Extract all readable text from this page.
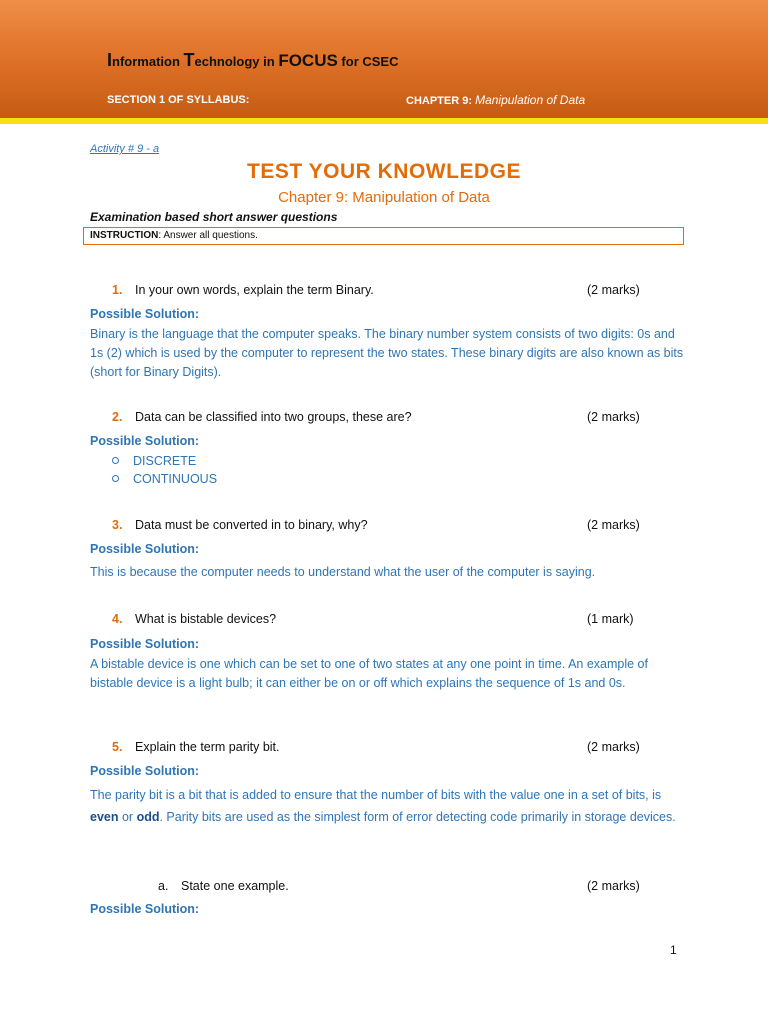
Information Technology in FOCUS for CSEC
SECTION 1 OF SYLLABUS:	CHAPTER 9: Manipulation of Data
Activity # 9 - a
TEST YOUR KNOWLEDGE
Chapter 9: Manipulation of Data
Examination based short answer questions
INSTRUCTION: Answer all questions.
1. In your own words, explain the term Binary.	(2 marks)
Possible Solution:
Binary is the language that the computer speaks. The binary number system consists of two digits: 0s and 1s (2) which is used by the computer to represent the two states. These binary digits are also known as bits (short for Binary Digits).
2. Data can be classified into two groups, these are?	(2 marks)
Possible Solution:
DISCRETE
CONTINUOUS
3. Data must be converted in to binary, why?	(2 marks)
Possible Solution:
This is because the computer needs to understand what the user of the computer is saying.
4. What is bistable devices?	(1 mark)
Possible Solution:
A bistable device is one which can be set to one of two states at any one point in time. An example of bistable device is a light bulb; it can either be on or off which explains the sequence of 1s and 0s.
5. Explain the term parity bit.	(2 marks)
Possible Solution:
The parity bit is a bit that is added to ensure that the number of bits with the value one in a set of bits, is even or odd. Parity bits are used as the simplest form of error detecting code primarily in storage devices.
a. State one example.	(2 marks)
Possible Solution:
1
